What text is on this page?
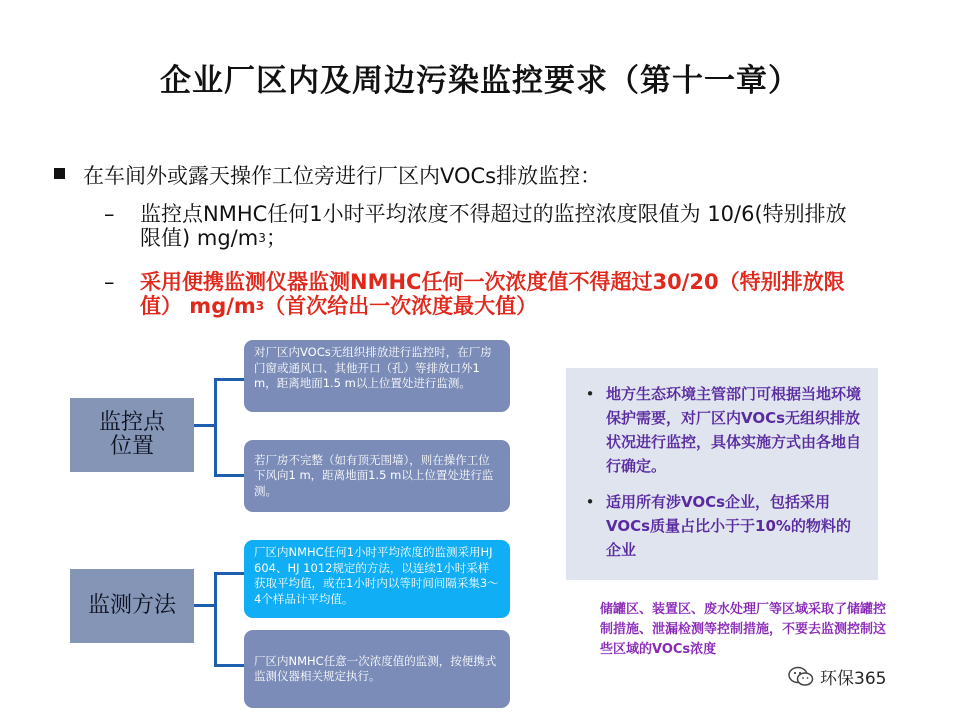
企业厂区内及周边污染监控要求（第十一章）
在车间外或露天操作工位旁进行厂区内VOCs排放监控：
–	监控点NMHC任何1小时平均浓度不得超过的监控浓度限值为 10/6(特别排放限值) $mg/m^3$；
–	采用便携监测仪器监测NMHC任何一次浓度值不得超过30/20（特别排放限值） $mg/m^3$（首次给出一次浓度最大值）
监控点位置
监测方法
对厂区内VOCs无组织排放进行监控时，在厂房门窗或通风口、其他开口（孔）等排放口外1 m，距离地面1.5 m以上位置处进行监测。
若厂房不完整（如有顶无围墙），则在操作工位下风向1 m，距离地面1.5 m以上位置处进行监测。
厂区内NMHC任何1小时平均浓度的监测采用HJ 604、HJ 1012规定的方法，以连续1小时采样获取平均值，或在1小时内以等时间间隔采集3～4个样品计平均值。
厂区内NMHC任意一次浓度值的监测，按便携式监测仪器相关规定执行。
• 地方生态环境主管部门可根据当地环境保护需要，对厂区内VOCs无组织排放状况进行监控，具体实施方式由各地自行确定。
• 适用所有涉VOCs企业，包括采用VOCs质量占比小于于10%的物料的企业
储罐区、装置区、废水处理厂等区域采取了储罐控制措施、泄漏检测等控制措施，不要去监测控制这些区域的VOCs浓度
环保365
